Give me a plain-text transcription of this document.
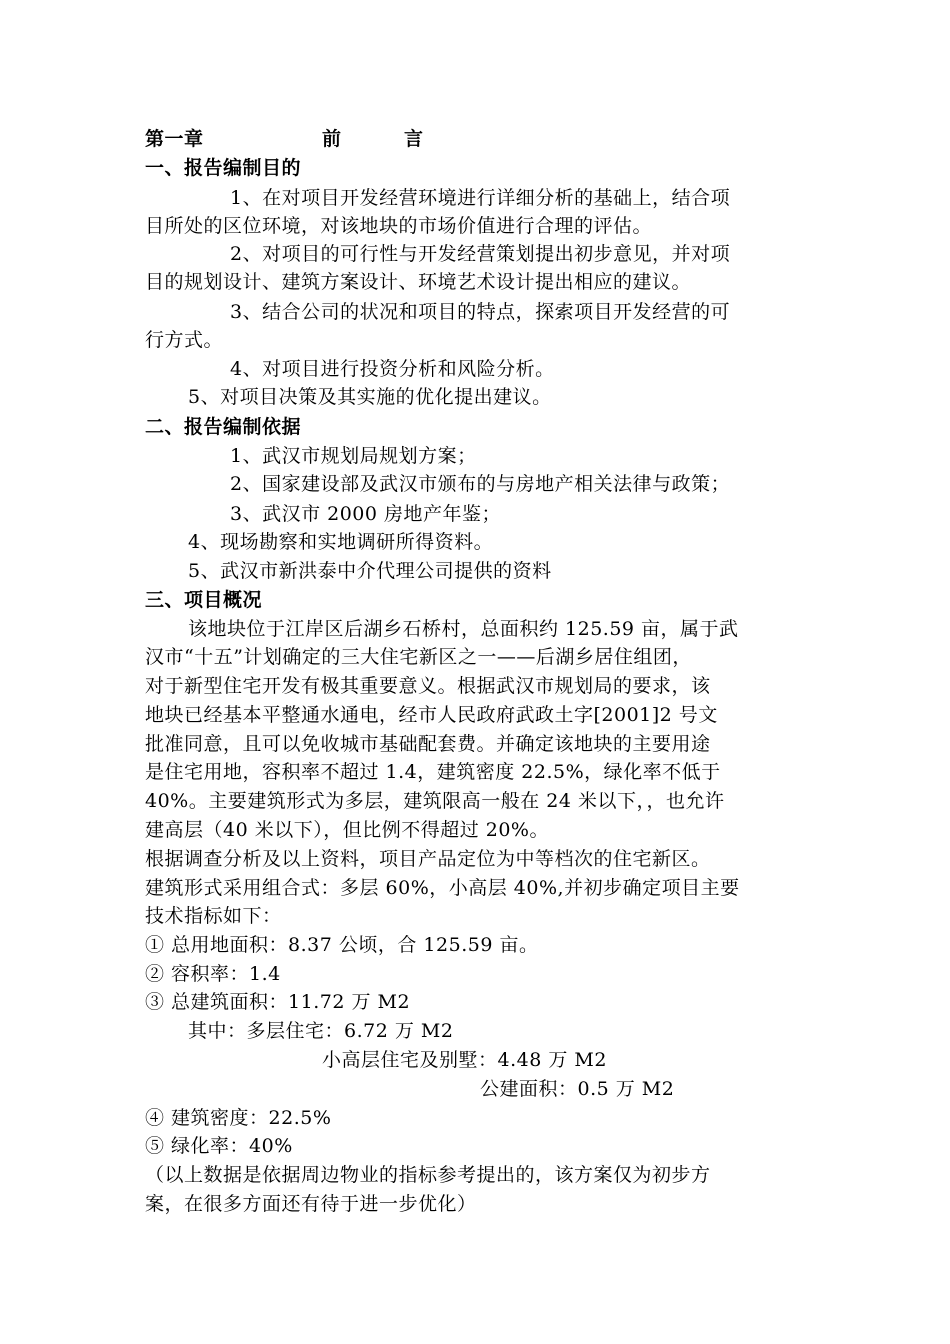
第一章	前　言

一、报告编制目的

1、在对项目开发经营环境进行详细分析的基础上，结合项

目所处的区位环境，对该地块的市场价值进行合理的评估。

2、对项目的可行性与开发经营策划提出初步意见，并对项

目的规划设计、建筑方案设计、环境艺术设计提出相应的建议。

3、结合公司的状况和项目的特点，探索项目开发经营的可

行方式。

4、对项目进行投资分析和风险分析。

5、对项目决策及其实施的优化提出建议。

二、报告编制依据

1、武汉市规划局规划方案；

2、国家建设部及武汉市颁布的与房地产相关法律与政策；

3、武汉市 2000 房地产年鉴；

4、现场勘察和实地调研所得资料。

5、武汉市新洪泰中介代理公司提供的资料

三、项目概况

该地块位于江岸区后湖乡石桥村，总面积约 125.59 亩，属于武

汉市“十五”计划确定的三大住宅新区之一——后湖乡居住组团，

对于新型住宅开发有极其重要意义。根据武汉市规划局的要求，该

地块已经基本平整通水通电，经市人民政府武政土字[2001]2 号文

批准同意，且可以免收城市基础配套费。并确定该地块的主要用途

是住宅用地，容积率不超过 1.4，建筑密度 22.5%，绿化率不低于

40%。主要建筑形式为多层，建筑限高一般在 24 米以下，，也允许

建高层（40 米以下），但比例不得超过 20%。

根据调查分析及以上资料，项目产品定位为中等档次的住宅新区。

建筑形式采用组合式：多层 60%，小高层 40%,并初步确定项目主要

技术指标如下：

① 总用地面积：8.37 公顷，合 125.59 亩。

② 容积率：1.4

③ 总建筑面积：11.72 万 M2

其中：多层住宅：6.72 万 M2

小高层住宅及别墅：4.48 万 M2

公建面积：0.5 万 M2

④ 建筑密度：22.5%

⑤ 绿化率：40%

（以上数据是依据周边物业的指标参考提出的，该方案仅为初步方

案，在很多方面还有待于进一步优化）
